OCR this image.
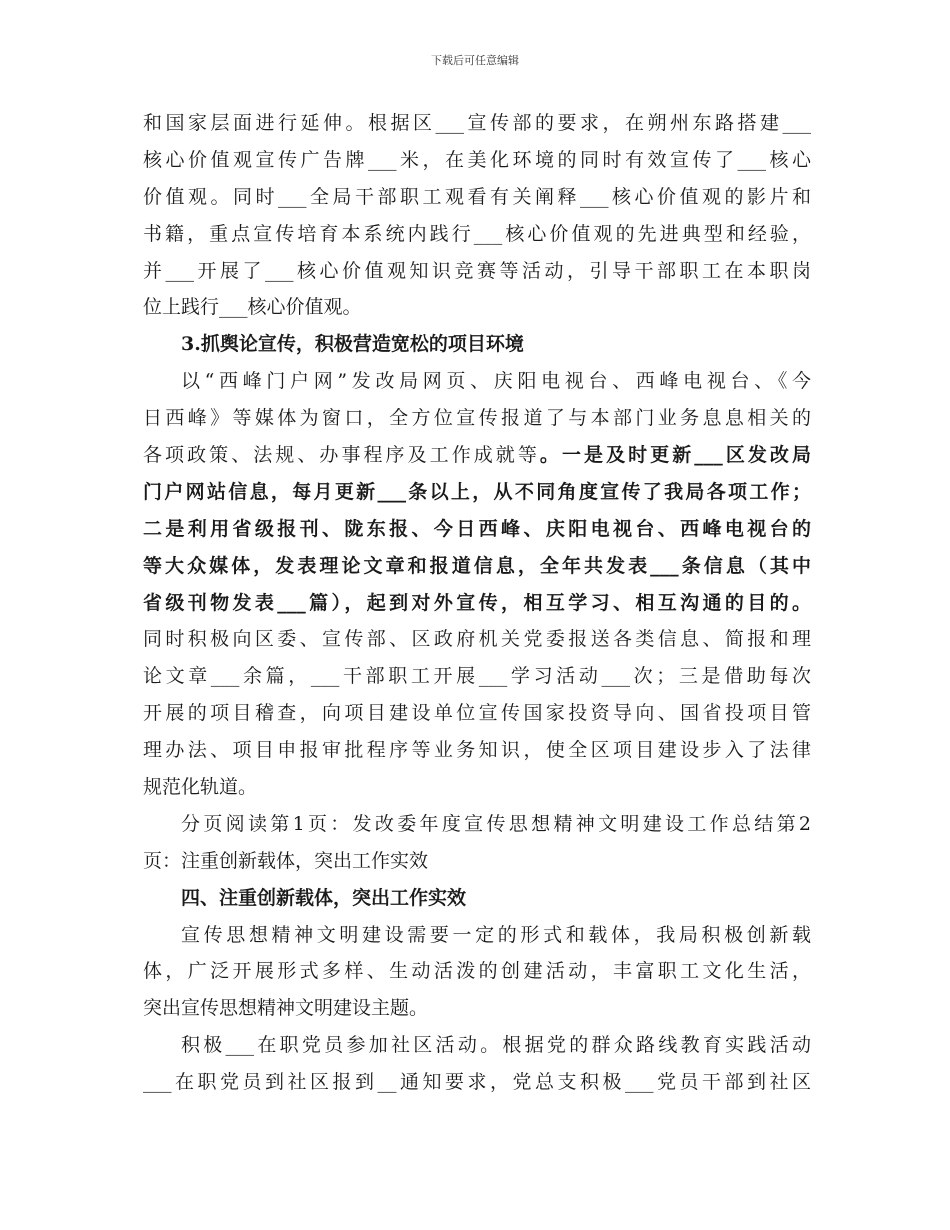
下载后可任意编辑
和国家层面进行延伸。根据区___宣传部的要求，在朔州东路搭建___
核心价值观宣传广告牌___米，在美化环境的同时有效宣传了___核心
价值观。同时___全局干部职工观看有关阐释___核心价值观的影片和
书籍，重点宣传培育本系统内践行___核心价值观的先进典型和经验，
并___开展了___核心价值观知识竞赛等活动，引导干部职工在本职岗
位上践行___核心价值观。
3.抓舆论宣传，积极营造宽松的项目环境
以“西峰门户网”发改局网页、庆阳电视台、西峰电视台、《今
日西峰》等媒体为窗口，全方位宣传报道了与本部门业务息息相关的
各项政策、法规、办事程序及工作成就等。一是及时更新___区发改局
门户网站信息，每月更新___条以上，从不同角度宣传了我局各项工作；
二是利用省级报刊、陇东报、今日西峰、庆阳电视台、西峰电视台的
等大众媒体，发表理论文章和报道信息，全年共发表___条信息（其中
省级刊物发表___篇），起到对外宣传，相互学习、相互沟通的目的。
同时积极向区委、宣传部、区政府机关党委报送各类信息、简报和理
论文章___余篇，___干部职工开展___学习活动___次；三是借助每次
开展的项目稽查，向项目建设单位宣传国家投资导向、国省投项目管
理办法、项目申报审批程序等业务知识，使全区项目建设步入了法律
规范化轨道。
分页阅读第1页：发改委年度宣传思想精神文明建设工作总结第2
页：注重创新载体，突出工作实效
四、注重创新载体，突出工作实效
宣传思想精神文明建设需要一定的形式和载体，我局积极创新载
体，广泛开展形式多样、生动活泼的创建活动，丰富职工文化生活，
突出宣传思想精神文明建设主题。
积极___在职党员参加社区活动。根据党的群众路线教育实践活动
___在职党员到社区报到__通知要求，党总支积极___党员干部到社区
